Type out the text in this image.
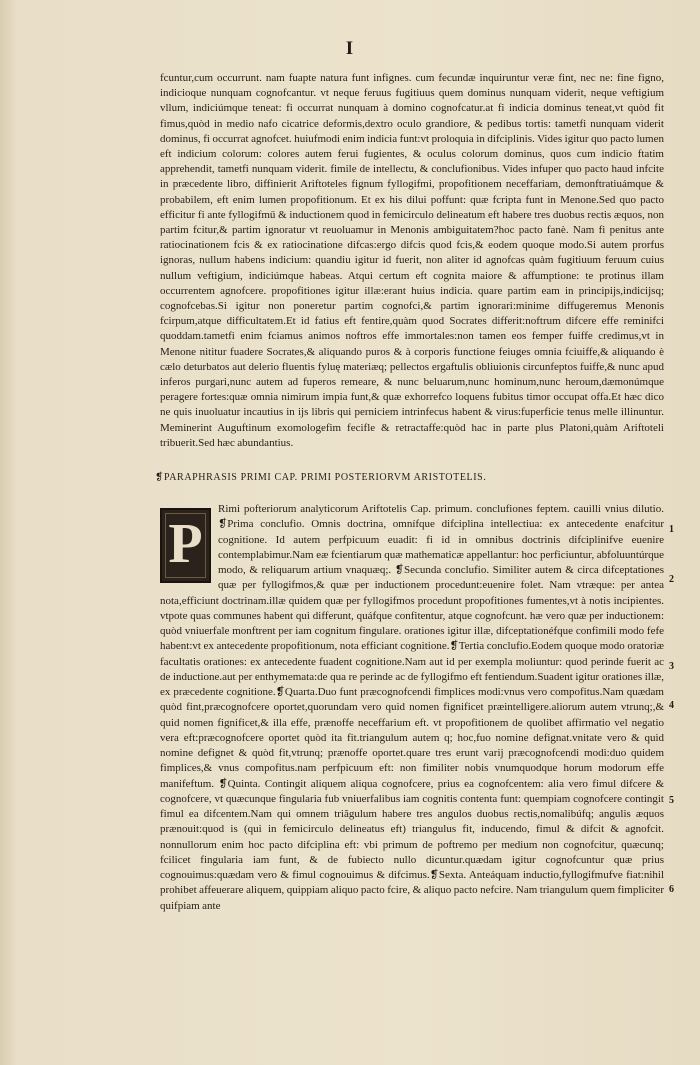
I

fcuntur,cum occurrunt. nam fuapte natura funt infignes. cum fecundæ inquiruntur veræ fint, nec ne: fine figno, indicioque nunquam cognofcantur. vt neque feruus fugitiuus quem dominus nunquam viderit, neque veftigium vllum, indiciúmque teneat: fi occurrat nunquam à domino cognofcatur.at fi indicia dominus teneat,vt quòd fit fimus,quòd in medio nafo cicatrice deformis,dextro oculo grandiore, & pedibus tortis: tametfi nunquam viderit dominus, fi occurrat agnofcet. huiufmodi enim indicia funt:vt proloquia in difciplinis. Vides igitur quo pacto lumen eft indicium colorum: colores autem ferui fugientes, & oculus colorum dominus, quos cum indicio ftatim apprehendit, tametfi nunquam viderit. fimile de intellectu, & conclufionibus. Vides infuper quo pacto haud infcite in præcedente libro, diffinierit Ariftoteles fignum fyllogifmi, propofitionem neceffariam, demonftratiuámque & probabilem, eft enim lumen propofitionum. Et ex his dilui poffunt: quæ fcripta funt in Menone.Sed quo pacto efficitur fi ante fyllogifmű & inductionem quod in femicirculo delineatum eft habere tres duobus rectis æquos, non partim fcitur,& partim ignoratur vt reuoluamur in Menonis ambiguitatem?hoc pacto fanè. Nam fi penitus ante ratiocinationem fcis & ex ratiocinatione difcas:ergo difcis quod fcis,& eodem quoque modo.Si autem prorfus ignoras, nullum habens indicium: quandiu igitur id fuerit, non aliter id agnofcas quàm fugitiuum feruum cuius nullum veftigium, indiciúmque habeas. Atqui certum eft cognita maiore & affumptione: te protinus illam occurrentem agnofcere. propofitiones igitur illæ:erant huius indicia. quare partim eam in principijs,indicijsq; cognofcebas.Si igitur non poneretur partim cognofci,& partim ignorari:minime diffugeremus Menonis fcirpum,atque difficultatem.Et id fatius eft fentire,quàm quod Socrates differit:noftrum difcere effe reminifci quoddam.tametfi enim fciamus animos noftros effe immortales:non tamen eos femper fuiffe credimus,vt in Menone nititur fuadere Socrates,& aliquando puros & à corporis functione feiuges omnia fciuiffe,& aliquando è cælo deturbatos aut delerio fluentis fyluę materiæq; pellectos ergaftulis obliuionis circunfeptos fuiffe,& nunc apud inferos purgari,nunc autem ad fuperos remeare, & nunc beluarum,nunc hominum,nunc heroum,dæmonúmque peragere fortes:quæ omnia nimirum impia funt,& quæ exhorrefco loquens fubitus timor occupat offa.Et hæc dico ne quis inuoluatur incautius in ijs libris qui perniciem intrinfecus habent & virus:fuperficie tenus melle illinuntur. Meminerint Auguftinum exomologefim fecifle & retractaffe:quòd hac in parte plus Platoni,quàm Ariftoteli tribuerit.Sed hæc abundantius.

❡PARAPHRASIS PRIMI CAP. PRIMI POSTERIORVM ARISTOTELIS.
P

Rimi pofteriorum analyticorum Ariftotelis Cap. primum. conclufiones feptem. cauilli vnius dilutio. ❡Prima conclufio. Omnis doctrina, omnífque difciplina intellectiua: ex antecedente enafcitur cognitione. Id autem perfpicuum euadit: fi id in omnibus doctrinis difciplinifve euenire contemplabimur.Nam eæ fcientiarum quæ mathematicæ appellantur: hoc perficiuntur, abfoluuntúrque modo, & reliquarum artium vnaquæq;. ❡Secunda conclufio. Similiter autem & circa difceptationes quæ per fyllogifmos,& quæ per inductionem procedunt:euenire folet. Nam vtræque: per antea nota,efficiunt doctrinam.illæ quidem quæ per fyllogifmos procedunt propofitiones fumentes,vt à notis incipientes. vtpote quas communes habent qui differunt, quáfque confitentur, atque cognofcunt. hæ vero quæ per inductionem: quòd vniuerfale monftrent per iam cognitum fingulare. orationes igitur illæ, difceptationéfque confimili modo fefe habent:vt ex antecedente propofitionum, nota efficiant cognitione.❡Tertia conclufio.Eodem quoque modo oratoriæ facultatis orationes: ex antecedente fuadent cognitione.Nam aut id per exempla moliuntur: quod perinde fuerit ac de inductione.aut per enthymemata:de qua re perinde ac de fyllogifmo eft fentiendum.Suadent igitur orationes illæ, ex præcedente cognitione.❡Quarta.Duo funt præcognofcendi fimplices modi:vnus vero compofitus.Nam quædam quòd fint,præcognofcere oportet,quorundam vero quid nomen fignificet præintelligere.aliorum autem vtrunq;,& quid nomen fignificet,& illa effe, prænoffe neceffarium eft. vt propofitionem de quolibet affirmatio vel negatio vera eft:præcognofcere oportet quòd ita fit.triangulum autem q; hoc,fuo nomine defignat.vnitate vero & quid nomine defignet & quòd fit,vtrunq; prænoffe oportet.quare tres erunt varij præcognofcendi modi:duo quidem fimplices,& vnus compofitus.nam perfpicuum eft: non fimiliter nobis vnumquodque horum modorum effe manifeftum. ❡Quinta. Contingit aliquem aliqua cognofcere, prius ea cognofcentem: alia vero fimul difcere & cognofcere, vt quæcunque fingularia fub vniuerfalibus iam cognitis contenta funt: quempiam cognofcere contingit fimul ea difcentem.Nam qui omnem triãgulum habere tres angulos duobus rectis,nomalibúfq; angulis æquos prænouit:quod is (qui in femicirculo delineatus eft) triangulus fit, inducendo, fimul & difcit & agnofcit. nonnullorum enim hoc pacto difciplina eft: vbi primum de poftremo per medium non cognofcitur, quæcunq; fcilicet fingularia iam funt, & de fubiecto nullo dicuntur.quædam igitur cognofcuntur quæ prius cognouimus:quædam vero & fimul cognouimus & difcimus.❡Sexta. Anteáquam inductio,fyllogifmufve fiat:nihil prohibet affeuerare aliquem, quippiam aliquo pacto fcire, & aliquo pacto nefcire. Nam triangulum quem fimpliciter quifpiam ante

1
2
3
4
5
6
